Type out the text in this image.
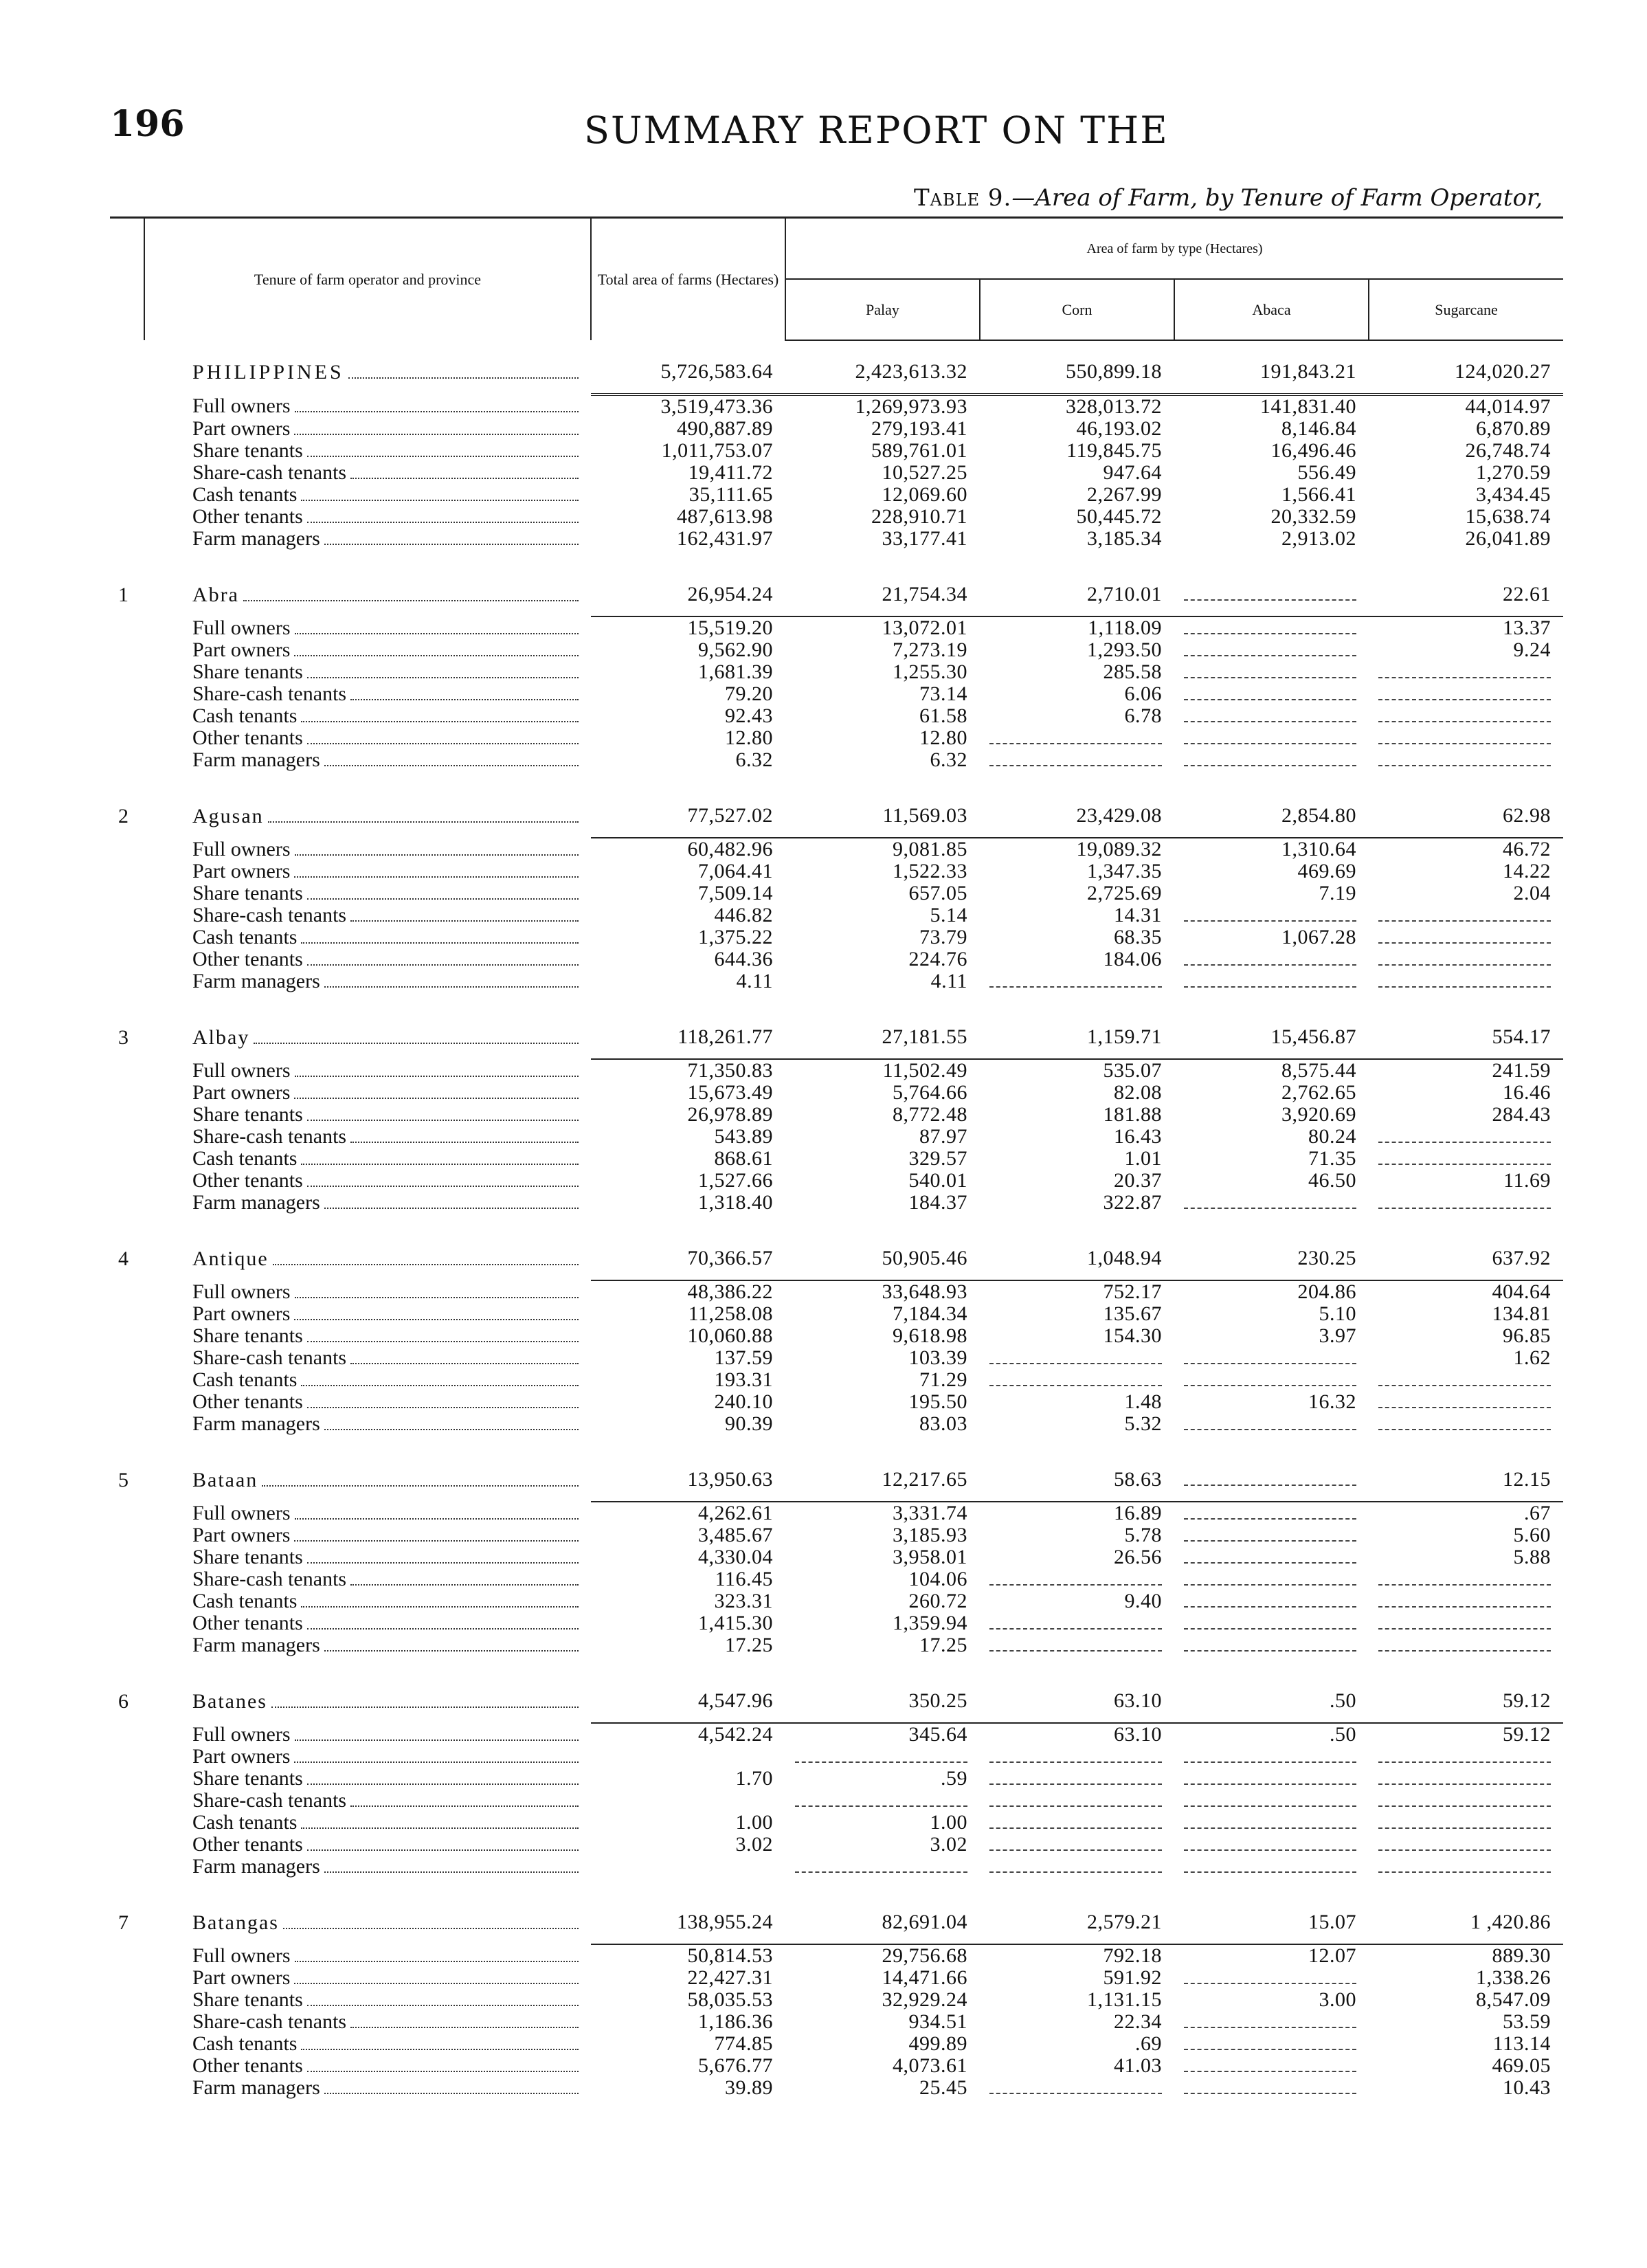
196	SUMMARY REPORT ON THE
Table 9.—Area of Farm, by Tenure of Farm Operator,
	Tenure of farm operator and province	Total area of farms (Hectares)	Area of farm by type (Hectares)			
			Palay	Corn	Abaca	Sugarcane

	PHILIPPINES	5,726,583.64	2,423,613.32	550,899.18	191,843.21	124,020.27

	Full owners	3,519,473.36	1,269,973.93	328,013.72	141,831.40	44,014.97

	Part owners	490,887.89	279,193.41	46,193.02	8,146.84	6,870.89

	Share tenants	1,011,753.07	589,761.01	119,845.75	16,496.46	26,748.74

	Share-cash tenants	19,411.72	10,527.25	947.64	556.49	1,270.59

	Cash tenants	35,111.65	12,069.60	2,267.99	1,566.41	3,434.45

	Other tenants	487,613.98	228,910.71	50,445.72	20,332.59	15,638.74

	Farm managers	162,431.97	33,177.41	3,185.34	2,913.02	26,041.89

1	Abra	26,954.24	21,754.34	2,710.01		22.61

	Full owners	15,519.20	13,072.01	1,118.09		13.37

	Part owners	9,562.90	7,273.19	1,293.50		9.24

	Share tenants	1,681.39	1,255.30	285.58	

	Share-cash tenants	79.20	73.14	6.06	

	Cash tenants	92.43	61.58	6.78	

	Other tenants	12.80	12.80	

	Farm managers	6.32	6.32	

2	Agusan	77,527.02	11,569.03	23,429.08	2,854.80	62.98

	Full owners	60,482.96	9,081.85	19,089.32	1,310.64	46.72

	Part owners	7,064.41	1,522.33	1,347.35	469.69	14.22

	Share tenants	7,509.14	657.05	2,725.69	7.19	2.04

	Share-cash tenants	446.82	5.14	14.31	

	Cash tenants	1,375.22	73.79	68.35	1,067.28	

	Other tenants	644.36	224.76	184.06	

	Farm managers	4.11	4.11	

3	Albay	118,261.77	27,181.55	1,159.71	15,456.87	554.17

	Full owners	71,350.83	11,502.49	535.07	8,575.44	241.59

	Part owners	15,673.49	5,764.66	82.08	2,762.65	16.46

	Share tenants	26,978.89	8,772.48	181.88	3,920.69	284.43

	Share-cash tenants	543.89	87.97	16.43	80.24	

	Cash tenants	868.61	329.57	1.01	71.35	

	Other tenants	1,527.66	540.01	20.37	46.50	11.69

	Farm managers	1,318.40	184.37	322.87	

4	Antique	70,366.57	50,905.46	1,048.94	230.25	637.92

	Full owners	48,386.22	33,648.93	752.17	204.86	404.64

	Part owners	11,258.08	7,184.34	135.67	5.10	134.81

	Share tenants	10,060.88	9,618.98	154.30	3.97	96.85

	Share-cash tenants	137.59	103.39			1.62

	Cash tenants	193.31	71.29	

	Other tenants	240.10	195.50	1.48	16.32	

	Farm managers	90.39	83.03	5.32	

5	Bataan	13,950.63	12,217.65	58.63		12.15

	Full owners	4,262.61	3,331.74	16.89		.67

	Part owners	3,485.67	3,185.93	5.78		5.60

	Share tenants	4,330.04	3,958.01	26.56		5.88

	Share-cash tenants	116.45	104.06	

	Cash tenants	323.31	260.72	9.40	

	Other tenants	1,415.30	1,359.94	

	Farm managers	17.25	17.25	

6	Batanes	4,547.96	350.25	63.10	.50	59.12

	Full owners	4,542.24	345.64	63.10	.50	59.12

	Part owners					

	Share tenants	1.70	.59	

	Share-cash tenants					

	Cash tenants	1.00	1.00	

	Other tenants	3.02	3.02	

	Farm managers					

7	Batangas	138,955.24	82,691.04	2,579.21	15.07	1 ,420.86

	Full owners	50,814.53	29,756.68	792.18	12.07	889.30

	Part owners	22,427.31	14,471.66	591.92		1,338.26

	Share tenants	58,035.53	32,929.24	1,131.15	3.00	8,547.09

	Share-cash tenants	1,186.36	934.51	22.34		53.59

	Cash tenants	774.85	499.89	.69		113.14

	Other tenants	5,676.77	4,073.61	41.03		469.05

	Farm managers	39.89	25.45			10.43
